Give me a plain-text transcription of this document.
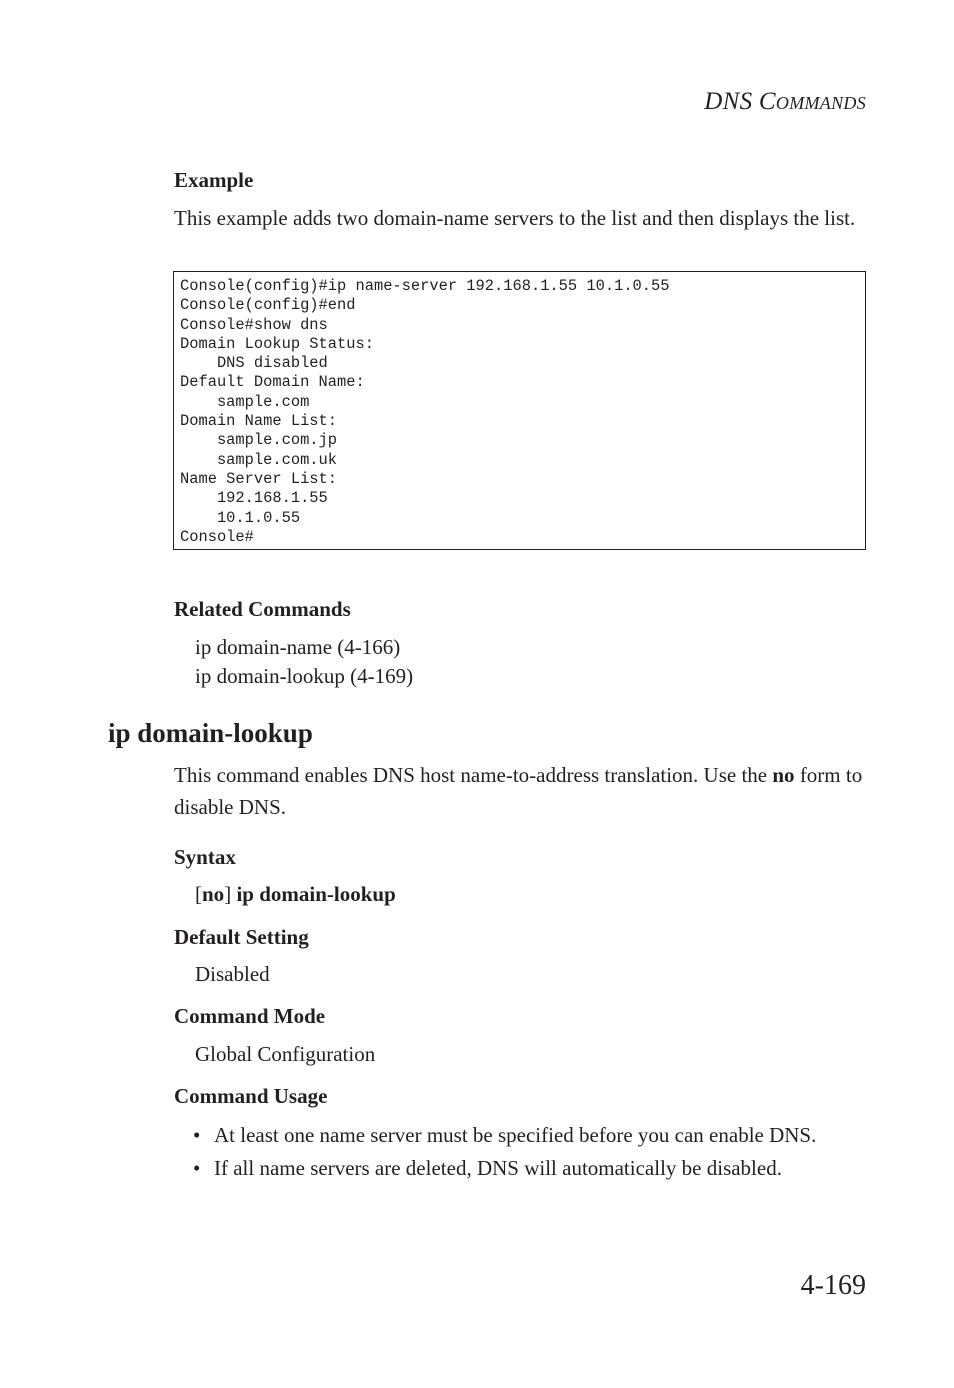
DNS COMMANDS
Example
This example adds two domain-name servers to the list and then displays the list.
Console(config)#ip name-server 192.168.1.55 10.1.0.55
Console(config)#end
Console#show dns
Domain Lookup Status:
DNS disabled
Default Domain Name:
sample.com
Domain Name List:
sample.com.jp
sample.com.uk
Name Server List:
192.168.1.55
10.1.0.55
Console#
Related Commands
ip domain-name (4-166)
ip domain-lookup (4-169)
ip domain-lookup
This command enables DNS host name-to-address translation. Use the no form to disable DNS.
Syntax
[no] ip domain-lookup
Default Setting
Disabled
Command Mode
Global Configuration
Command Usage
• At least one name server must be specified before you can enable DNS.
• If all name servers are deleted, DNS will automatically be disabled.
4-169
